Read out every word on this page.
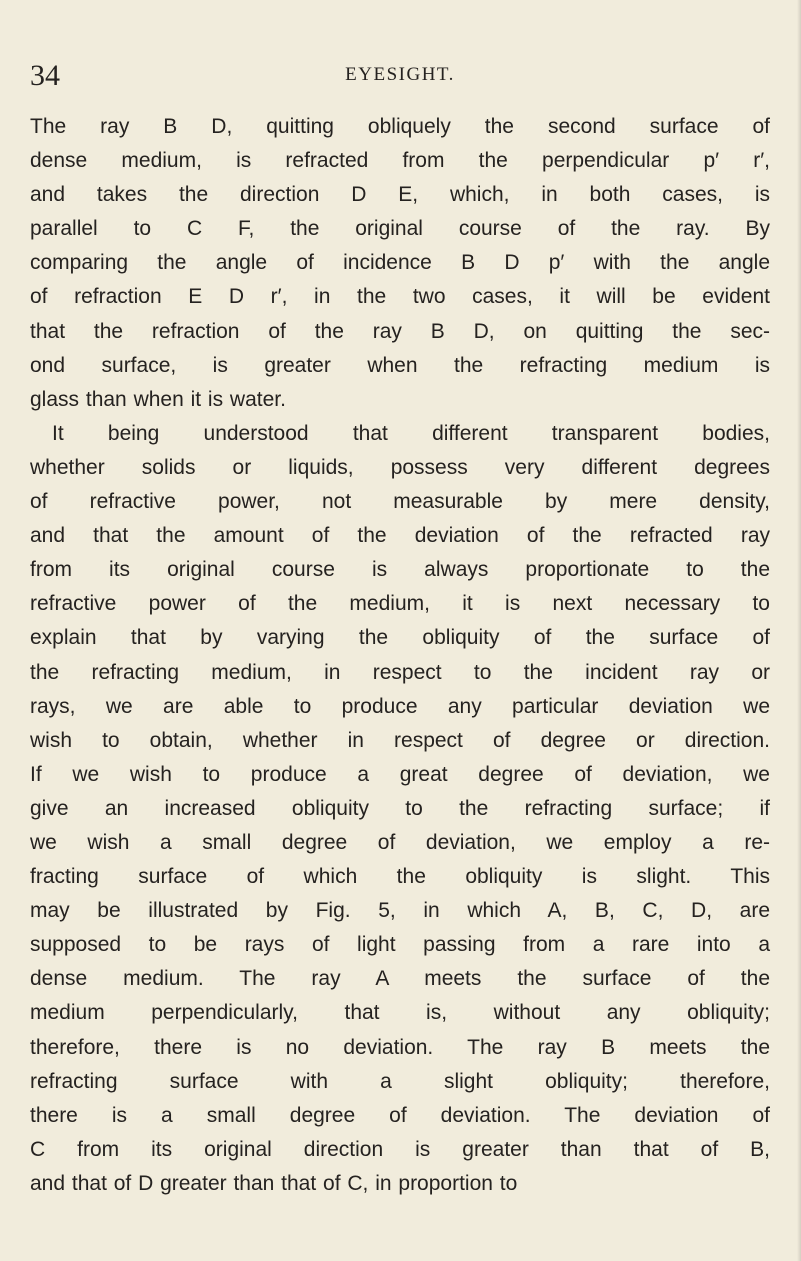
34	EYESIGHT.
The ray B D, quitting obliquely the second surface of
dense medium, is refracted from the perpendicular p′ r′,
and takes the direction D E, which, in both cases, is
parallel to C F, the original course of the ray. By
comparing the angle of incidence B D p′ with the angle
of refraction E D r′, in the two cases, it will be evident
that the refraction of the ray B D, on quitting the sec-
ond surface, is greater when the refracting medium is
glass than when it is water.
It being understood that different transparent bodies,
whether solids or liquids, possess very different degrees
of refractive power, not measurable by mere density,
and that the amount of the deviation of the refracted ray
from its original course is always proportionate to the
refractive power of the medium, it is next necessary to
explain that by varying the obliquity of the surface of
the refracting medium, in respect to the incident ray or
rays, we are able to produce any particular deviation we
wish to obtain, whether in respect of degree or direction.
If we wish to produce a great degree of deviation, we
give an increased obliquity to the refracting surface; if
we wish a small degree of deviation, we employ a re-
fracting surface of which the obliquity is slight. This
may be illustrated by Fig. 5, in which A, B, C, D, are
supposed to be rays of light passing from a rare into a
dense medium. The ray A meets the surface of the
medium perpendicularly, that is, without any obliquity;
therefore, there is no deviation. The ray B meets the
refracting surface with a slight obliquity; therefore,
there is a small degree of deviation. The deviation of
C from its original direction is greater than that of B,
and that of D greater than that of C, in proportion to
